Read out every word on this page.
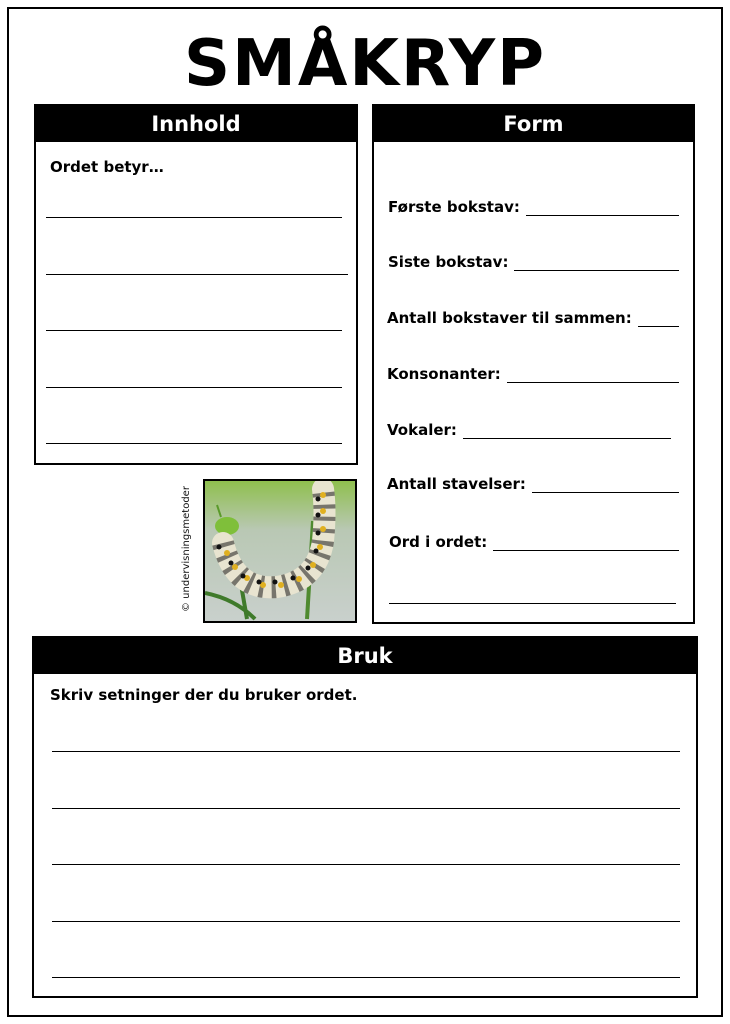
SMÅKRYP
Innhold
Ordet betyr…
Form
Første bokstav:
Siste bokstav:
Antall bokstaver til sammen:
Konsonanter:
Vokaler:
Antall stavelser:
Ord i ordet:
© undervisningsmetoder
Bruk
Skriv setninger der du bruker ordet.
